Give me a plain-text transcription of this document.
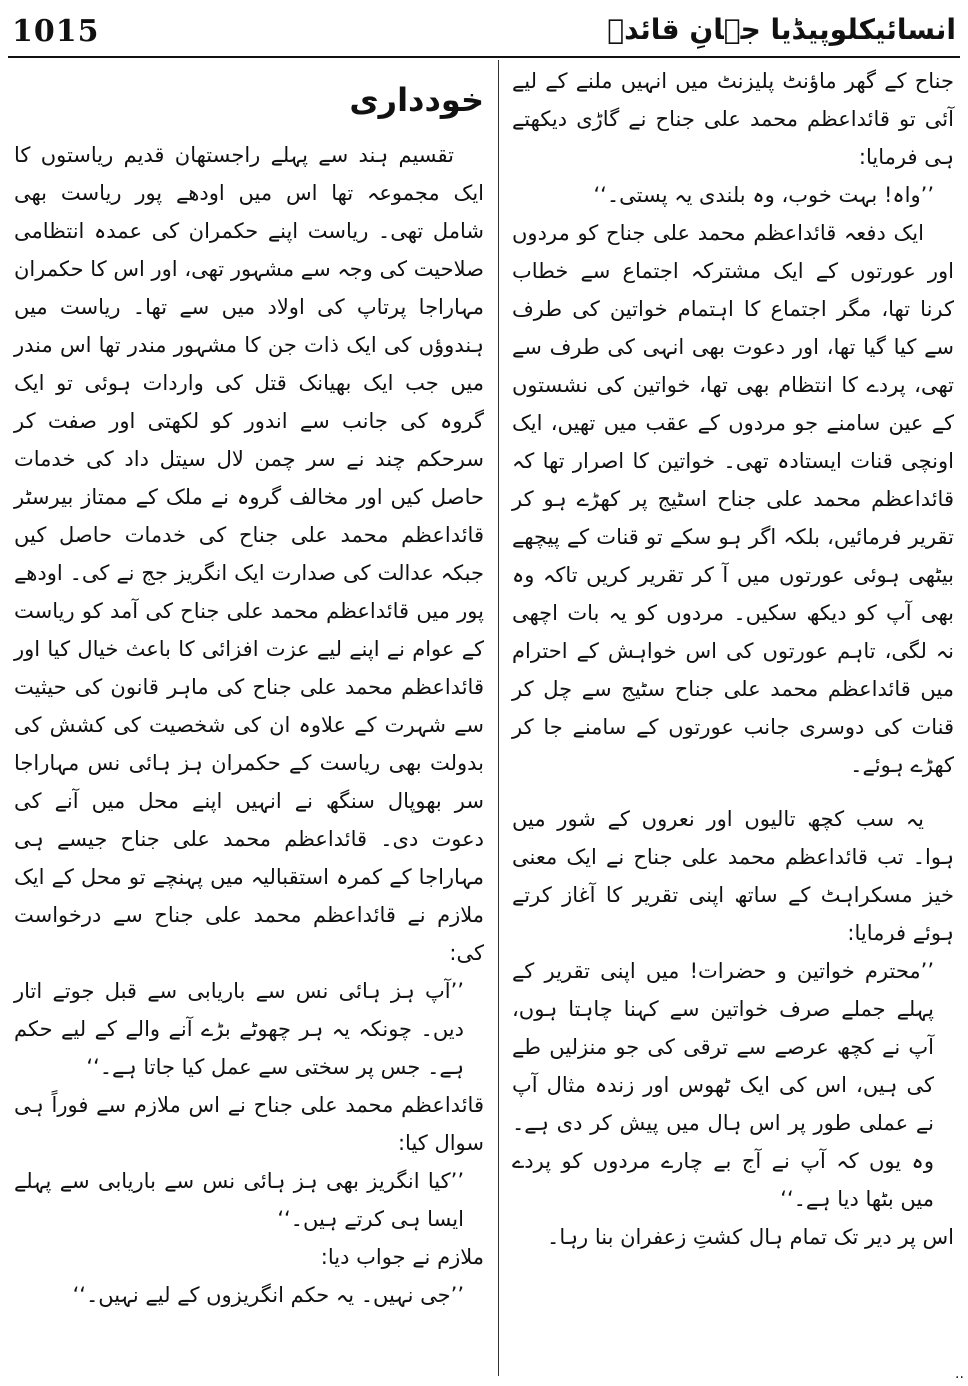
1015	انسائیکلوپیڈیا جہانِ قائدؒ

جناح کے گھر ماؤنٹ پلیزنٹ میں انہیں ملنے کے لیے آئی تو قائداعظم محمد علی جناح نے گاڑی دیکھتے ہی فرمایا:

’’واہ! بہت خوب، وہ بلندی یہ پستی۔‘‘

ایک دفعہ قائداعظم محمد علی جناح کو مردوں اور عورتوں کے ایک مشترکہ اجتماع سے خطاب کرنا تھا، مگر اجتماع کا اہتمام خواتین کی طرف سے کیا گیا تھا، اور دعوت بھی انہی کی طرف سے تھی، پردے کا انتظام بھی تھا، خواتین کی نشستوں کے عین سامنے جو مردوں کے عقب میں تھیں، ایک اونچی قنات ایستادہ تھی۔ خواتین کا اصرار تھا کہ قائداعظم محمد علی جناح اسٹیج پر کھڑے ہو کر تقریر فرمائیں، بلکہ اگر ہو سکے تو قنات کے پیچھے بیٹھی ہوئی عورتوں میں آ کر تقریر کریں تاکہ وہ بھی آپ کو دیکھ سکیں۔ مردوں کو یہ بات اچھی نہ لگی، تاہم عورتوں کی اس خواہش کے احترام میں قائداعظم محمد علی جناح سٹیج سے چل کر قنات کی دوسری جانب عورتوں کے سامنے جا کر کھڑے ہوئے۔

یہ سب کچھ تالیوں اور نعروں کے شور میں ہوا۔ تب قائداعظم محمد علی جناح نے ایک معنی خیز مسکراہٹ کے ساتھ اپنی تقریر کا آغاز کرتے ہوئے فرمایا:

’’محترم خواتین و حضرات! میں اپنی تقریر کے پہلے جملے صرف خواتین سے کہنا چاہتا ہوں، آپ نے کچھ عرصے سے ترقی کی جو منزلیں طے کی ہیں، اس کی ایک ٹھوس اور زندہ مثال آپ نے عملی طور پر اس ہال میں پیش کر دی ہے۔ وہ یوں کہ آپ نے آج بے چارے مردوں کو پردے میں بٹھا دیا ہے۔‘‘

اس پر دیر تک تمام ہال کشتِ زعفران بنا رہا۔

خودداری

تقسیم ہند سے پہلے راجستھان قدیم ریاستوں کا ایک مجموعہ تھا اس میں اودھے پور ریاست بھی شامل تھی۔ ریاست اپنے حکمران کی عمدہ انتظامی صلاحیت کی وجہ سے مشہور تھی، اور اس کا حکمران مہاراجا پرتاپ کی اولاد میں سے تھا۔ ریاست میں ہندوؤں کی ایک ذات جن کا مشہور مندر تھا اس مندر میں جب ایک بھیانک قتل کی واردات ہوئی تو ایک گروہ کی جانب سے اندور کو لکھتی اور صفت کر سرحکم چند نے سر چمن لال سیتل داد کی خدمات حاصل کیں اور مخالف گروہ نے ملک کے ممتاز بیرسٹر قائداعظم محمد علی جناح کی خدمات حاصل کیں جبکہ عدالت کی صدارت ایک انگریز جج نے کی۔ اودھے پور میں قائداعظم محمد علی جناح کی آمد کو ریاست کے عوام نے اپنے لیے عزت افزائی کا باعث خیال کیا اور قائداعظم محمد علی جناح کی ماہر قانون کی حیثیت سے شہرت کے علاوہ ان کی شخصیت کی کشش کی بدولت بھی ریاست کے حکمران ہز ہائی نس مہاراجا سر بھوپال سنگھ نے انہیں اپنے محل میں آنے کی دعوت دی۔ قائداعظم محمد علی جناح جیسے ہی مہاراجا کے کمرہ استقبالیہ میں پہنچے تو محل کے ایک ملازم نے قائداعظم محمد علی جناح سے درخواست کی:

’’آپ ہز ہائی نس سے باریابی سے قبل جوتے اتار دیں۔ چونکہ یہ ہر چھوٹے بڑے آنے والے کے لیے حکم ہے۔ جس پر سختی سے عمل کیا جاتا ہے۔‘‘

قائداعظم محمد علی جناح نے اس ملازم سے فوراً ہی سوال کیا:

’’کیا انگریز بھی ہز ہائی نس سے باریابی سے پہلے ایسا ہی کرتے ہیں۔‘‘

ملازم نے جواب دیا:

’’جی نہیں۔ یہ حکم انگریزوں کے لیے نہیں۔‘‘

..
